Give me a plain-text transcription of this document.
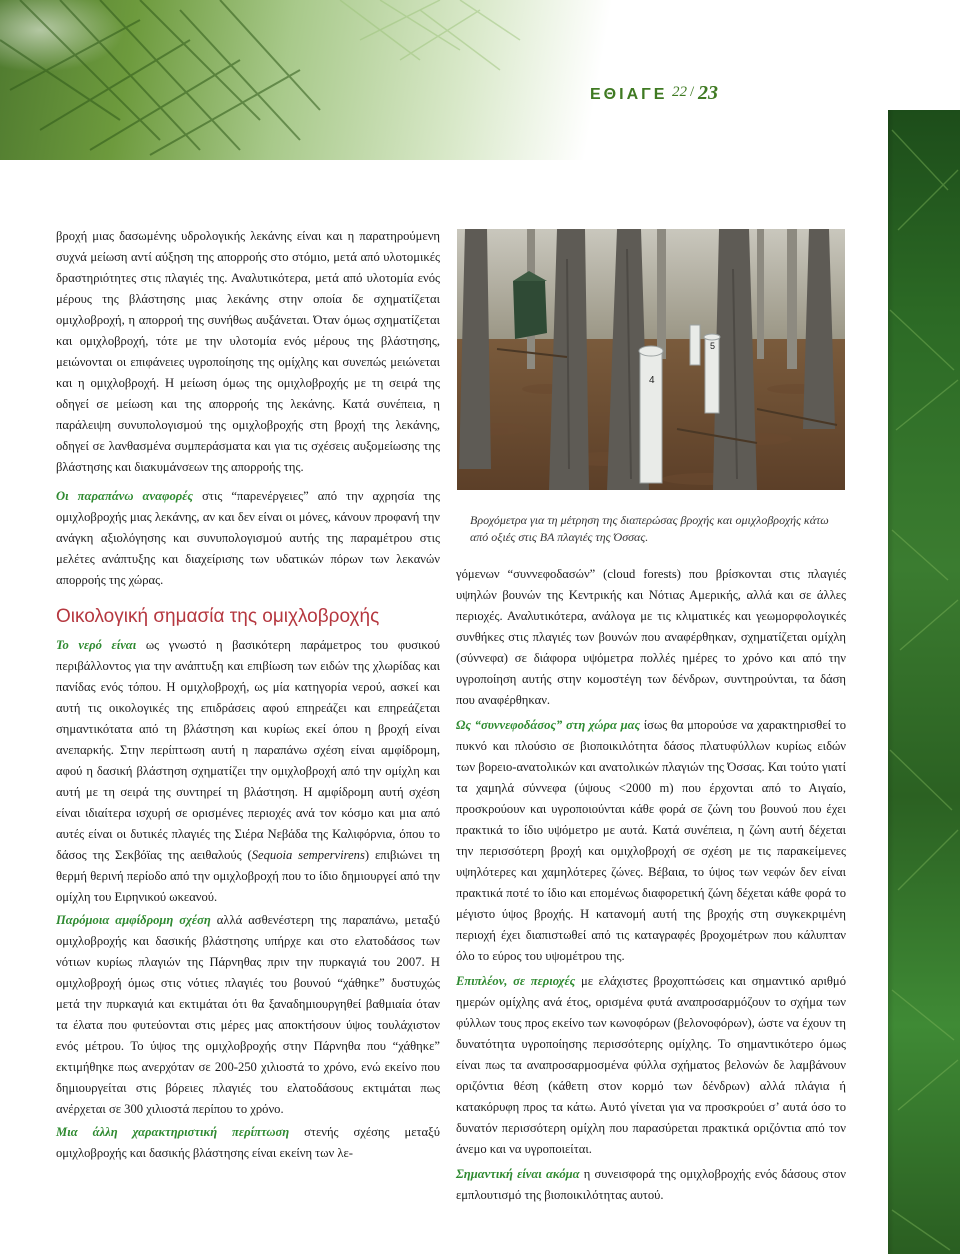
ΕΘΙΑΓΕ 22 / 23

βροχή μιας δασωμένης υδρολογικής λεκάνης είναι και η παρατηρούμενη συχνά μείωση αντί αύξηση της απορροής στο στόμιο, μετά από υλοτομικές δραστηριότητες στις πλαγιές της. Αναλυτικότερα, μετά από υλοτομία ενός μέρους της βλάστησης μιας λεκάνης στην οποία δε σχηματίζεται ομιχλοβροχή, η απορροή της συνήθως αυξάνεται. Όταν όμως σχηματίζεται και ομιχλοβροχή, τότε με την υλοτομία ενός μέρους της βλάστησης, μειώνονται οι επιφάνειες υγροποίησης της ομίχλης και συνεπώς μειώνεται και η ομιχλοβροχή. Η μείωση όμως της ομιχλοβροχής με τη σειρά της οδηγεί σε μείωση και της απορροής της λεκάνης. Κατά συνέπεια, η παράλειψη συνυπολογισμού της ομιχλοβροχής στη βροχή της λεκάνης, οδηγεί σε λανθασμένα συμπεράσματα και για τις σχέσεις αυξομείωσης της βλάστησης και διακυμάνσεων της απορροής της.

Οι παραπάνω αναφορές στις “παρενέργειες” από την αχρησία της ομιχλοβροχής μιας λεκάνης, αν και δεν είναι οι μόνες, κάνουν προφανή την ανάγκη αξιολόγησης και συνυπολογισμού αυτής της παραμέτρου στις μελέτες ανάπτυξης και διαχείρισης των υδατικών πόρων των λεκανών απορροής της χώρας.

Οικολογική σημασία της ομιχλοβροχής

Το νερό είναι ως γνωστό η βασικότερη παράμετρος του φυσικού περιβάλλοντος για την ανάπτυξη και επιβίωση των ειδών της χλωρίδας και πανίδας ενός τόπου. Η ομιχλοβροχή, ως μία κατηγορία νερού, ασκεί και αυτή τις οικολογικές της επιδράσεις αφού επηρεάζει και επηρεάζεται σημαντικότατα από τη βλάστηση και κυρίως εκεί όπου η βροχή είναι ανεπαρκής. Στην περίπτωση αυτή η παραπάνω σχέση είναι αμφίδρομη, αφού η δασική βλάστηση σχηματίζει την ομιχλοβροχή από την ομίχλη και αυτή με τη σειρά της συντηρεί τη βλάστηση. Η αμφίδρομη αυτή σχέση είναι ιδιαίτερα ισχυρή σε ορισμένες περιοχές ανά τον κόσμο και μια από αυτές είναι οι δυτικές πλαγιές της Σιέρα Νεβάδα της Καλιφόρνια, όπου το δάσος της Σεκβόϊας της αειθαλούς (Sequoia sempervirens) επιβιώνει τη θερμή θερινή περίοδο από την ομιχλοβροχή που το ίδιο δημιουργεί από την ομίχλη του Ειρηνικού ωκεανού.

Παρόμοια αμφίδρομη σχέση αλλά ασθενέστερη της παραπάνω, μεταξύ ομιχλοβροχής και δασικής βλάστησης υπήρχε και στο ελατοδάσος των νότιων κυρίως πλαγιών της Πάρνηθας πριν την πυρκαγιά του 2007. Η ομιχλοβροχή όμως στις νότιες πλαγιές του βουνού “χάθηκε” δυστυχώς μετά την πυρκαγιά και εκτιμάται ότι θα ξαναδημιουργηθεί βαθμιαία όταν τα έλατα που φυτεύονται στις μέρες μας αποκτήσουν ύψος τουλάχιστον ενός μέτρου. Το ύψος της ομιχλοβροχής στην Πάρνηθα που “χάθηκε” εκτιμήθηκε πως ανερχόταν σε 200-250 χιλιοστά το χρόνο, ενώ εκείνο που δημιουργείται στις βόρειες πλαγιές του ελατοδάσους εκτιμάται πως ανέρχεται σε 300 χιλιοστά περίπου το χρόνο.

Μια άλλη χαρακτηριστική περίπτωση στενής σχέσης μεταξύ ομιχλοβροχής και δασικής βλάστησης είναι εκείνη των λε-

4
5
Βροχόμετρα για τη μέτρηση της διαπερώσας βροχής και ομιχλοβροχής κάτω από οξιές στις ΒΑ πλαγιές της Όσσας.

γόμενων “συννεφοδασών” (cloud forests) που βρίσκονται στις πλαγιές υψηλών βουνών της Κεντρικής και Νότιας Αμερικής, αλλά και σε άλλες περιοχές. Αναλυτικότερα, ανάλογα με τις κλιματικές και γεωμορφολογικές συνθήκες στις πλαγιές των βουνών που αναφέρθηκαν, σχηματίζεται ομίχλη (σύννεφα) σε διάφορα υψόμετρα πολλές ημέρες το χρόνο και από την υγροποίηση αυτής στην κομοστέγη των δένδρων, συντηρούνται, τα δάση που αναφέρθηκαν.

Ως “συννεφοδάσος” στη χώρα μας ίσως θα μπορούσε να χαρακτηρισθεί το πυκνό και πλούσιο σε βιοποικιλότητα δάσος πλατυφύλλων κυρίως ειδών των βορειο-ανατολικών και ανατολικών πλαγιών της Όσσας. Και τούτο γιατί τα χαμηλά σύννεφα (ύψους <2000 m) που έρχονται από το Αιγαίο, προσκρούουν και υγροποιούνται κάθε φορά σε ζώνη του βουνού που έχει πρακτικά το ίδιο υψόμετρο με αυτά. Κατά συνέπεια, η ζώνη αυτή δέχεται την περισσότερη βροχή και ομιχλοβροχή σε σχέση με τις παρακείμενες υψηλότερες και χαμηλότερες ζώνες. Βέβαια, το ύψος των νεφών δεν είναι πρακτικά ποτέ το ίδιο και επομένως διαφορετική ζώνη δέχεται κάθε φορά το μέγιστο ύψος βροχής. Η κατανομή αυτή της βροχής στη συγκεκριμένη περιοχή έχει διαπιστωθεί από τις καταγραφές βροχομέτρων που κάλυπταν όλο το εύρος του υψομέτρου της.

Επιπλέον, σε περιοχές με ελάχιστες βροχοπτώσεις και σημαντικό αριθμό ημερών ομίχλης ανά έτος, ορισμένα φυτά αναπροσαρμόζουν το σχήμα των φύλλων τους προς εκείνο των κωνοφόρων (βελονοφόρων), ώστε να έχουν τη δυνατότητα υγροποίησης περισσότερης ομίχλης. Το σημαντικότερο όμως είναι πως τα αναπροσαρμοσμένα φύλλα σχήματος βελονών δε λαμβάνουν οριζόντια θέση (κάθετη στον κορμό των δένδρων) αλλά πλάγια ή κατακόρυφη προς τα κάτω. Αυτό γίνεται για να προσκρούει σ’ αυτά όσο το δυνατόν περισσότερη ομίχλη που παρασύρεται πρακτικά οριζόντια από τον άνεμο και να υγροποιείται.

Σημαντική είναι ακόμα η συνεισφορά της ομιχλοβροχής ενός δάσους στον εμπλουτισμό της βιοποικιλότητας αυτού.
